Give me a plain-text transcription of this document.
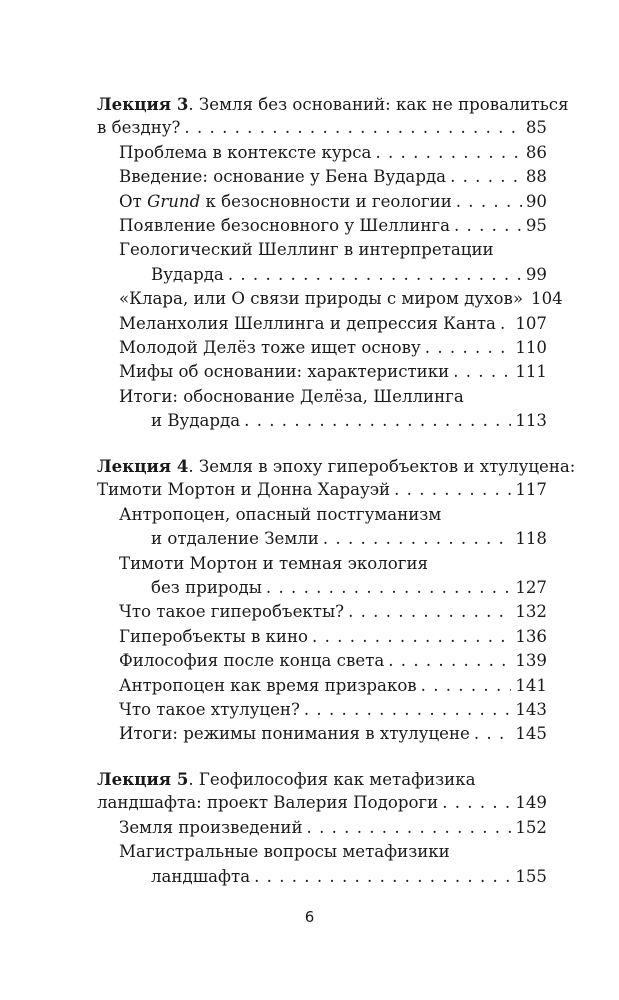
Лекция 3. Земля без оснований: как не провалиться
в бездну? . . .	85
Проблема в контексте курса . . .	86
Введение: основание у Бена Вударда . . .	88
От Grund к безосновности и геологии . . .	90
Появление безосновного у Шеллинга . . .	95
Геологический Шеллинг в интерпретации
Вударда . . .	99
«Клара, или О связи природы с миром духов» 104
Меланхолия Шеллинга и депрессия Канта . . . 107
Молодой Делёз тоже ищет основу . . .	110
Мифы об основании: характеристики . . .	111
Итоги: обоснование Делёза, Шеллинга
и Вударда . . .	113
Лекция 4. Земля в эпоху гиперобъектов и хтулуцена:
Тимоти Мортон и Донна Харауэй . . .	117
Антропоцен, опасный постгуманизм
и отдаление Земли . . .	118
Тимоти Мортон и темная экология
без природы . . .	127
Что такое гиперобъекты? . . .	132
Гиперобъекты в кино . . .	136
Философия после конца света . . .	139
Антропоцен как время призраков . . .	141
Что такое хтулуцен? . . .	143
Итоги: режимы понимания в хтулуцене . . .	145
Лекция 5. Геофилософия как метафизика
ландшафта: проект Валерия Подороги . . .	149
Земля произведений . . .	152
Магистральные вопросы метафизики
ландшафта . . .	155
6
